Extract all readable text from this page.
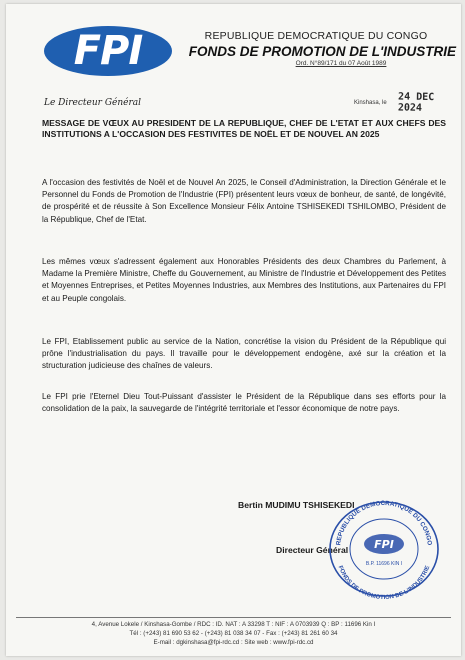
FPI	REPUBLIQUE DEMOCRATIQUE DU CONGO
FONDS DE PROMOTION DE L'INDUSTRIE
Ord. N°89/171 du 07 Août 1989
Le Directeur Général	Kinshasa, le 24 DEC 2024
MESSAGE DE VŒUX AU PRESIDENT DE LA REPUBLIQUE, CHEF DE L'ETAT ET AUX CHEFS DES INSTITUTIONS A L'OCCASION DES FESTIVITES DE NOËL ET DE NOUVEL AN 2025
A l'occasion des festivités de Noël et de Nouvel An 2025, le Conseil d'Administration, la Direction Générale et le Personnel du Fonds de Promotion de l'Industrie (FPI) présentent leurs vœux de bonheur, de santé, de longévité, de prospérité et de réussite à Son Excellence Monsieur Félix Antoine TSHISEKEDI TSHILOMBO, Président de la République, Chef de l'Etat.
Les mêmes vœux s'adressent également aux Honorables Présidents des deux Chambres du Parlement, à Madame la Première Ministre, Cheffe du Gouvernement, au Ministre de l'Industrie et Développement des Petites et Moyennes Entreprises, et Petites Moyennes Industries, aux Membres des Institutions, aux Partenaires du FPI et au Peuple congolais.
Le FPI, Etablissement public au service de la Nation, concrétise la vision du Président de la République qui prône l'industrialisation du pays. Il travaille pour le développement endogène, axé sur la création et la structuration judicieuse des chaînes de valeurs.
Le FPI prie l'Eternel Dieu Tout-Puissant d'assister le Président de la République dans ses efforts pour la consolidation de la paix, la sauvegarde de l'intégrité territoriale et l'essor économique de notre pays.
Bertin MUDIMU TSHISEKEDI
Directeur Général
REPUBLIQUE DEMOCRATIQUE DU CONGO
FONDS DE PROMOTION DE L'INDUSTRIE
FPI
B.P. 11696 KIN I
4, Avenue Lokele / Kinshasa-Gombe / RDC : ID. NAT : A 33298 T : NIF : A 0703939 Q : BP : 11696 Kin I
Tél : (+243) 81 690 53 62 - (+243) 81 038 34 07 - Fax : (+243) 81 261 60 34
E-mail : dgkinshasa@fpi-rdc.cd : Site web : www.fpi-rdc.cd
